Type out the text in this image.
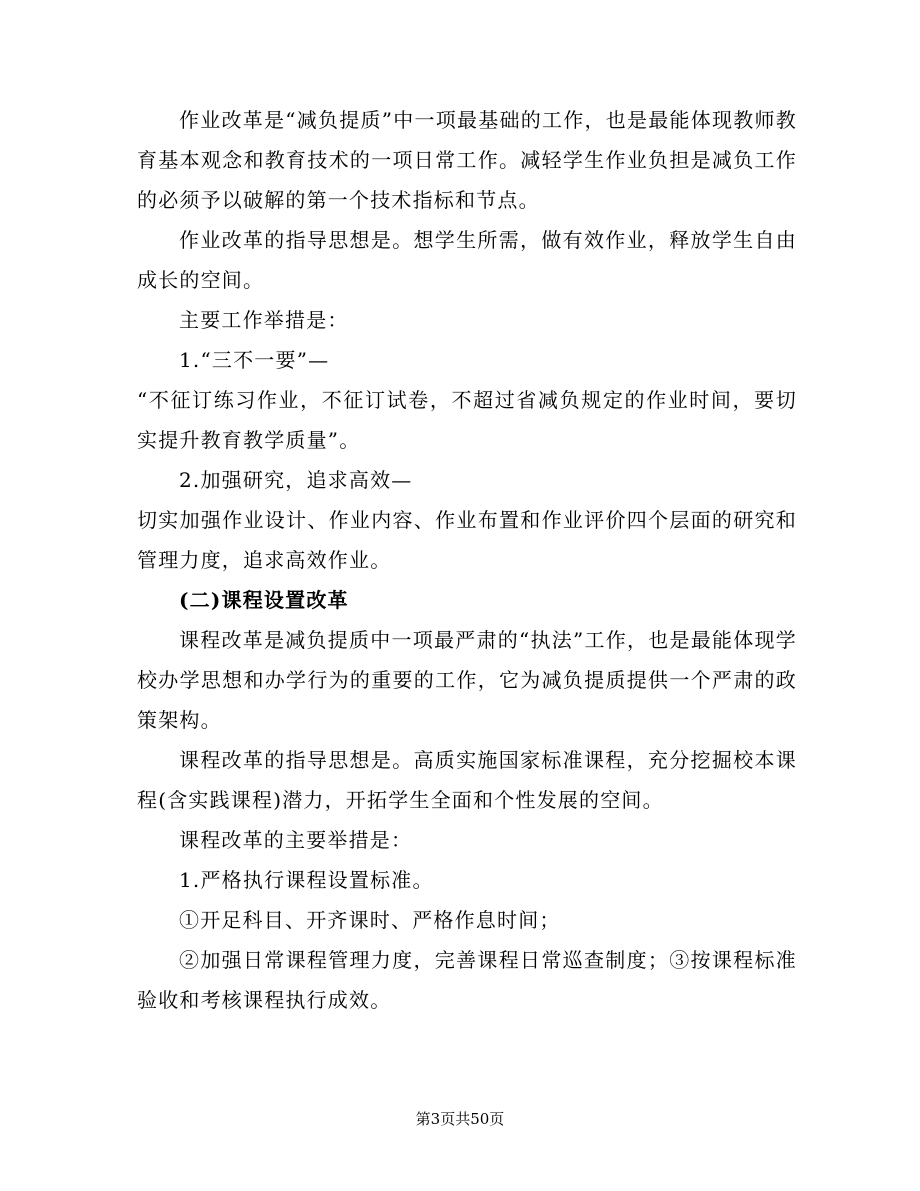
作业改革是“减负提质”中一项最基础的工作，也是最能体现教师教育基本观念和教育技术的一项日常工作。减轻学生作业负担是减负工作的必须予以破解的第一个技术指标和节点。

作业改革的指导思想是。想学生所需，做有效作业，释放学生自由成长的空间。

主要工作举措是：

1.“三不一要”—

“不征订练习作业，不征订试卷，不超过省减负规定的作业时间，要切实提升教育教学质量”。

2.加强研究，追求高效—

切实加强作业设计、作业内容、作业布置和作业评价四个层面的研究和管理力度，追求高效作业。

(二)课程设置改革

课程改革是减负提质中一项最严肃的“执法”工作，也是最能体现学校办学思想和办学行为的重要的工作，它为减负提质提供一个严肃的政策架构。

课程改革的指导思想是。高质实施国家标准课程，充分挖掘校本课程(含实践课程)潜力，开拓学生全面和个性发展的空间。

课程改革的主要举措是：

1.严格执行课程设置标准。

①开足科目、开齐课时、严格作息时间；

②加强日常课程管理力度，完善课程日常巡查制度；③按课程标准验收和考核课程执行成效。

第3页共50页
